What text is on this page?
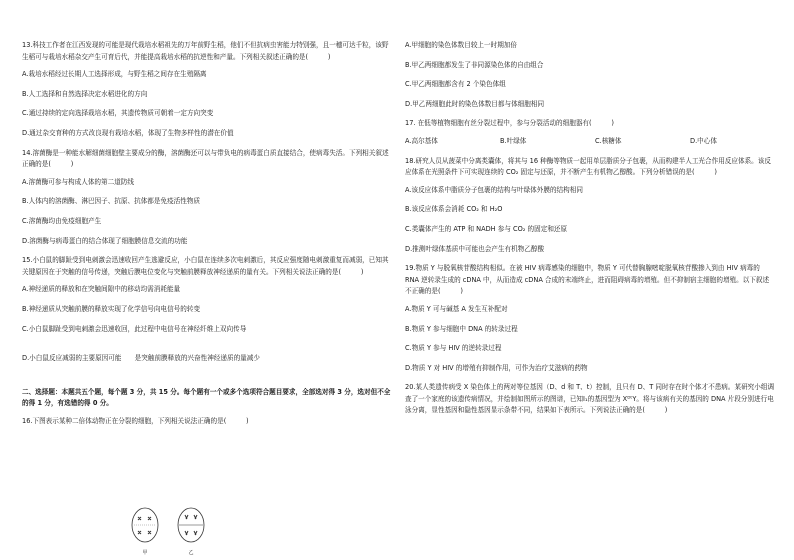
13.科技工作者在江西发现的可能是现代栽培水稻祖先的万年前野生稻，他们不但抗病虫害能力特别强，且一穗可达千粒，该野生稻可与栽培水稻杂交产生可育后代，并能提高栽培水稻的抗逆性和产量。下列相关叙述正确的是(　　　)

A.栽培水稻经过长期人工选择形成，与野生稻之间存在生殖隔离

B.人工选择和自然选择决定水稻进化的方向

C.通过持续的定向选择栽培水稻，其遗传物质可朝着一定方向突变

D.通过杂交育种的方式改良现有栽培水稻，体现了生物多样性的潜在价值

14.溶菌酶是一种能水解细菌细胞壁主要成分的酶，溶菌酶还可以与带负电的病毒蛋白质直接结合，使病毒失活。下列相关叙述正确的是(　　　)

A.溶菌酶可参与构成人体的第二道防线

B.人体内的溶菌酶、淋巴因子、抗原、抗体都是免疫活性物质

C.溶菌酶均由免疫细胞产生

D.溶菌酶与病毒蛋白的结合体现了细胞膜信息交流的功能

15.小白鼠的脚趾受到电刺激会迅速收回产生逃避反应，小白鼠在连续多次电刺激后，其反应强度随电刺激重复而减弱，已知其关键原因在于突触的信号传递，突触后膜电位变化与突触前膜释放神经递质的量有关。下列相关说法正确的是(　　　)

A.神经递质的释放和在突触间隙中的移动均需消耗能量

B.神经递质从突触前膜的释放实现了化学信号向电信号的转变

C.小白鼠脚趾受到电刺激会迅速收回，此过程中电信号在神经纤维上双向传导

D.小白鼠反应减弱的主要原因可能　　是突触前膜释放的兴奋性神经递质的量减少

二、选择题：本题共五个题，每个题 3 分，共 15 分。每个题有一个或多个选项符合题目要求，全部选对得 3 分，选对但不全的得 1 分，有选错的得 0 分。

16.下图表示某种二倍体动物正在分裂的细胞，下列相关说法正确的是(　　　)

甲	乙

A.甲细胞的染色体数目较上一时期加倍

B.甲乙两细胞都发生了非同源染色体的自由组合

C.甲乙两细胞都含有 2 个染色体组

D.甲乙两细胞此时的染色体数目都与体细胞相同

17. 在低等植物细胞有丝分裂过程中，参与分裂活动的细胞器有(　　　)

A.高尔基体	B.叶绿体	C.核糖体	D.中心体

18.研究人员从菠菜中分离类囊体，将其与 16 种酶等物质一起用单层脂质分子包裹，从而构建半人工光合作用反应体系。该反应体系在光照条件下可实现连续的 CO₂ 固定与还原，并不断产生有机物乙醇酸。下列分析错误的是(　　　)

A.该反应体系中脂质分子包裹的结构与叶绿体外膜的结构相同

B.该反应体系会消耗 CO₂ 和 H₂O

C.类囊体产生的 ATP 和 NADH 参与 CO₂ 的固定和还原

D.推测叶绿体基质中可能也会产生有机物乙醇酸

19.物质 Y 与脱氧核苷酸结构相似。在被 HIV 病毒感染的细胞中，物质 Y 可代替胸腺嘧啶脱氧核苷酸掺入到由 HIV 病毒的 RNA 逆转录生成的 cDNA 中，从而造成 cDNA 合成的末端终止，进而阻碍病毒的增殖。但不抑制宿主细胞的增殖。以下叙述不正确的是(　　　)

A.物质 Y 可与碱基 A 发生互补配对

B.物质 Y 参与细胞中 DNA 的转录过程

C.物质 Y 参与 HIV 的逆转录过程

D.物质 Y 对 HIV 的增殖有抑制作用，可作为治疗艾滋病的药物

20.某人类遗传病受 X 染色体上的两对等位基因（D、d 和 T、t）控制，且只有 D、T 同时存在时个体才不患病。某研究小组调查了一个家庭的该遗传病情况，并绘制如图所示的图谱，已知Ⅰ₁的基因型为 XᴰᵗY。将与该病有关的基因的 DNA 片段分别进行电泳分离，显性基因和隐性基因显示条带不同，结果如下表所示。下列说法正确的是(　　　)
